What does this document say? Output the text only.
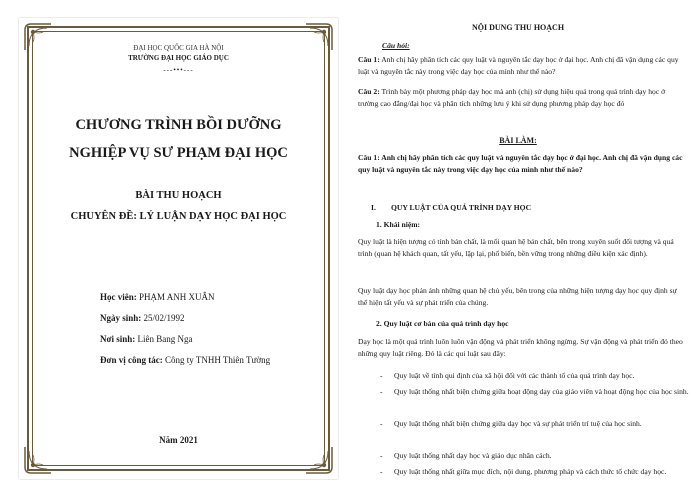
ĐẠI HỌC QUỐC GIA HÀ NỘI
TRƯỜNG ĐẠI HỌC GIÁO DỤC
---•••---
CHƯƠNG TRÌNH BỒI DƯỠNG
NGHIỆP VỤ SƯ PHẠM ĐẠI HỌC
BÀI THU HOẠCH
CHUYÊN ĐỀ: LÝ LUẬN DẠY HỌC ĐẠI HỌC
Học viên: PHẠM ANH XUÂN
Ngày sinh: 25/02/1992
Nơi sinh: Liên Bang Nga
Đơn vị công tác: Công ty TNHH Thiên Tường
Năm 2021
NỘI DUNG THU HOẠCH
Câu hỏi:

Câu 1: Anh chị hãy phân tích các quy luật và nguyên tắc dạy học ở đại học. Anh chị đã vận dụng các quy luật và nguyên tắc này trong việc dạy học của mình như thế nào?

Câu 2: Trình bày một phương pháp dạy học mà anh (chị) sử dụng hiệu quả trong quá trình dạy học ở trường cao đẳng/đại học và phân tích những lưu ý khi sử dụng phương pháp dạy học đó

BÀI LÀM:

Câu 1: Anh chị hãy phân tích các quy luật và nguyên tắc dạy học ở đại học. Anh chị đã vận dụng các quy luật và nguyên tắc này trong việc dạy học của mình như thế nào?

I. QUY LUẬT CỦA QUÁ TRÌNH DẠY HỌC
1. Khái niệm:

Quy luật là hiện tượng có tính bản chất, là mối quan hệ bản chất, bên trong xuyên suốt đối tượng và quá trình (quan hệ khách quan, tất yếu, lặp lại, phổ biến, bền vững trong những điều kiện xác định).

Quy luật dạy học phản ánh những quan hệ chủ yếu, bên trong của những hiện tượng dạy học quy định sự thể hiện tất yếu và sự phát triển của chúng.

2. Quy luật cơ bản của quá trình dạy học

Dạy học là một quá trình luôn luôn vận động và phát triển không ngừng. Sự vận động và phát triển đó theo những quy luật riêng. Đó là các qui luật sau đây:

- Quy luật về tính qui định của xã hội đối với các thành tố của quá trình dạy học.
- Quy luật thống nhất biện chứng giữa hoạt động dạy của giáo viên và hoạt động học của học sinh.
- Quy luật thống nhất biện chứng giữa dạy học và sự phát triển trí tuệ của học sinh.
- Quy luật thống nhất dạy học và giáo dục nhân cách.
- Quy luật thống nhất giữa mục đích, nội dung, phương pháp và cách thức tổ chức dạy học.
